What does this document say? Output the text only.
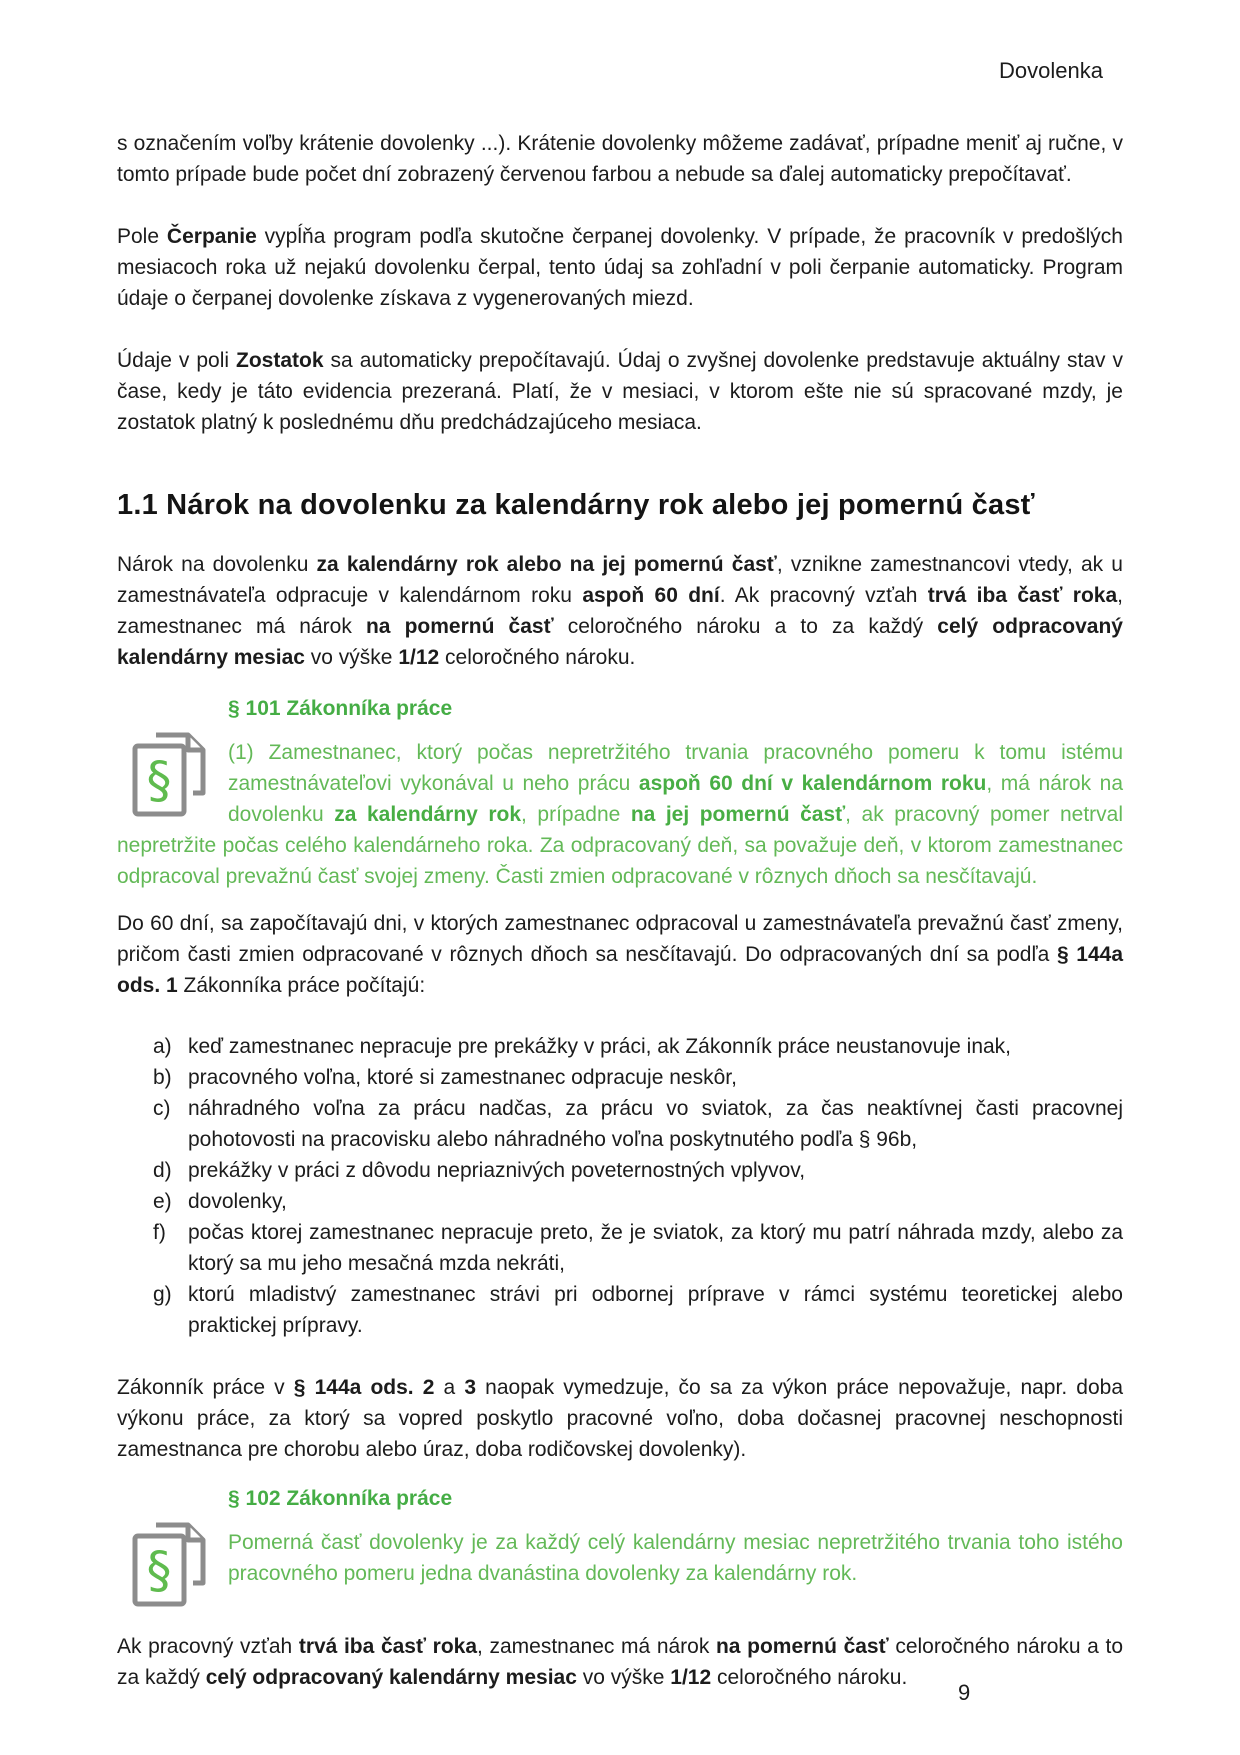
Dovolenka

s označením voľby krátenie dovolenky ...). Krátenie dovolenky môžeme zadávať, prípadne meniť aj ručne, v tomto prípade bude počet dní zobrazený červenou farbou a nebude sa ďalej automaticky prepočítavať.

Pole Čerpanie vypĺňa program podľa skutočne čerpanej dovolenky. V prípade, že pracovník v predošlých mesiacoch roka už nejakú dovolenku čerpal, tento údaj sa zohľadní v poli čerpanie automaticky. Program údaje o čerpanej dovolenke získava z vygenerovaných miezd.

Údaje v poli Zostatok sa automaticky prepočítavajú. Údaj o zvyšnej dovolenke predstavuje aktuálny stav v čase, kedy je táto evidencia prezeraná. Platí, že v mesiaci, v ktorom ešte nie sú spracované mzdy, je zostatok platný k poslednému dňu predchádzajúceho mesiaca.

1.1 Nárok na dovolenku za kalendárny rok alebo jej pomernú časť

Nárok na dovolenku za kalendárny rok alebo na jej pomernú časť, vznikne zamestnancovi vtedy, ak u zamestnávateľa odpracuje v kalendárnom roku aspoň 60 dní. Ak pracovný vzťah trvá iba časť roka, zamestnanec má nárok na pomernú časť celoročného nároku a to za každý celý odpracovaný kalendárny mesiac vo výške 1/12 celoročného nároku.

§ 101 Zákonníka práce

§	(1) Zamestnanec, ktorý počas nepretržitého trvania pracovného pomeru k tomu istému zamestnávateľovi vykonával u neho prácu aspoň 60 dní v kalendárnom roku, má nárok na dovolenku za kalendárny rok, prípadne na jej pomernú časť, ak pracovný pomer netrval nepretržite počas celého kalendárneho roka. Za odpracovaný deň, sa považuje deň, v ktorom zamestnanec odpracoval prevažnú časť svojej zmeny. Časti zmien odpracované v rôznych dňoch sa nesčítavajú.

Do 60 dní, sa započítavajú dni, v ktorých zamestnanec odpracoval u zamestnávateľa prevažnú časť zmeny, pričom časti zmien odpracované v rôznych dňoch sa nesčítavajú. Do odpracovaných dní sa podľa § 144a ods. 1 Zákonníka práce počítajú:

a) keď zamestnanec nepracuje pre prekážky v práci, ak Zákonník práce neustanovuje inak,
b) pracovného voľna, ktoré si zamestnanec odpracuje neskôr,
c) náhradného voľna za prácu nadčas, za prácu vo sviatok, za čas neaktívnej časti pracovnej pohotovosti na pracovisku alebo náhradného voľna poskytnutého podľa § 96b,
d) prekážky v práci z dôvodu nepriaznivých poveternostných vplyvov,
e) dovolenky,
f)	počas ktorej zamestnanec nepracuje preto, že je sviatok, za ktorý mu patrí náhrada mzdy, alebo za ktorý sa mu jeho mesačná mzda nekráti,
g) ktorú mladistvý zamestnanec strávi pri odbornej príprave v rámci systému teoretickej alebo praktickej prípravy.

Zákonník práce v § 144a ods. 2 a 3 naopak vymedzuje, čo sa za výkon práce nepovažuje, napr. doba výkonu práce, za ktorý sa vopred poskytlo pracovné voľno, doba dočasnej pracovnej neschopnosti zamestnanca pre chorobu alebo úraz, doba rodičovskej dovolenky).

§ 102 Zákonníka práce

§	Pomerná časť dovolenky je za každý celý kalendárny mesiac nepretržitého trvania toho istého pracovného pomeru jedna dvanástina dovolenky za kalendárny rok.

Ak pracovný vzťah trvá iba časť roka, zamestnanec má nárok na pomernú časť celoročného nároku a to za každý celý odpracovaný kalendárny mesiac vo výške 1/12 celoročného nároku.

9
